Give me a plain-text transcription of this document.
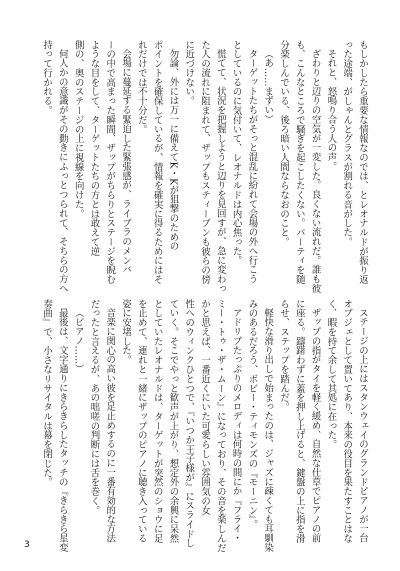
もしかしたら重要な情報なのでは、とレオナルドが振り返
った途端、がしゃんとグラスが割れる音がした。
それと、怒鳴り合う人の声。
ざわりと辺りの空気が一変した。良くない流れだ。誰も彼
も、こんなところで騒ぎを起こしたくない。パーティを随
分楽しんでいる、後ろ暗い人間ならなおのこと。
（あ……まずい）
ターゲットたちがそっと混乱に紛れて会場の外へ行こう
としているのに気付いて、レオナルドは内心焦った。
慌てて、状況を把握しようと辺りを見回すが、急に変わっ
た人の流れに阻まれて、ザップもスティーブンも彼らの傍
に近づけない。
勿論、外には万一に備えてK・Kが狙撃のための
ポイントを確保しているが、情報を確実に得るためにはそ
れだけでは不十分だ。
会場に蔓延する緊迫した緊張感が、ライブラのメンバ
ーの中で高まった瞬間、ザップがちらりとステージを睨む
ような目をして、ターゲットたちの方とは敢えて逆
側の、奥のステージの上に視線を向けた。
何人かの意識がその動きにふっとつられて、そちらの方へ
持って行かれる。
ステージの上にはスタンウェイのグランドピアノが一台
オブジェとして置いてあり、本来の役目を果たすことはな
く、暇を持て余して其処に在った。
ザップの指がタイを軽く緩め、自然な仕草でピアノの前
に座る。躊躇わずに蓋を押し上げると、鍵盤の上に指を滑
らせ、ステップを踏んだ。
軽快な滑り出しで始まったのは、ジャズに疎くても耳馴染
みのあるだろう、ボビー・ティモンズの『モーニン』。
アドリブたっぷりのメロディは何時の間にか『フライ・
ミー・トゥ・ザ・ムーン』になっており、その音を楽しんだ
かと思えば、一番近くにいた可愛らしい雰囲気の女
性へのウィンクひとつで、『いつか王子様が』にスライドし
ていく。そこでやっと歓声が上がり、想定外の余興に呆然
としていたレオナルドは、ターゲットが突然のショウに足
を止めて、連れと一緒にザップのピアノに聴き入っている
姿に安堵した。
音楽に関心の高い彼を足止めするのに一番有効的な方法
だったと言えるが、あの咄嗟の判断には舌を巻く。
（ピアノ……）
最後は、文字通りにきらきらしたタッチの『きらきら星変
奏曲』で、小さなリサイタルは幕を閉じた。
3
